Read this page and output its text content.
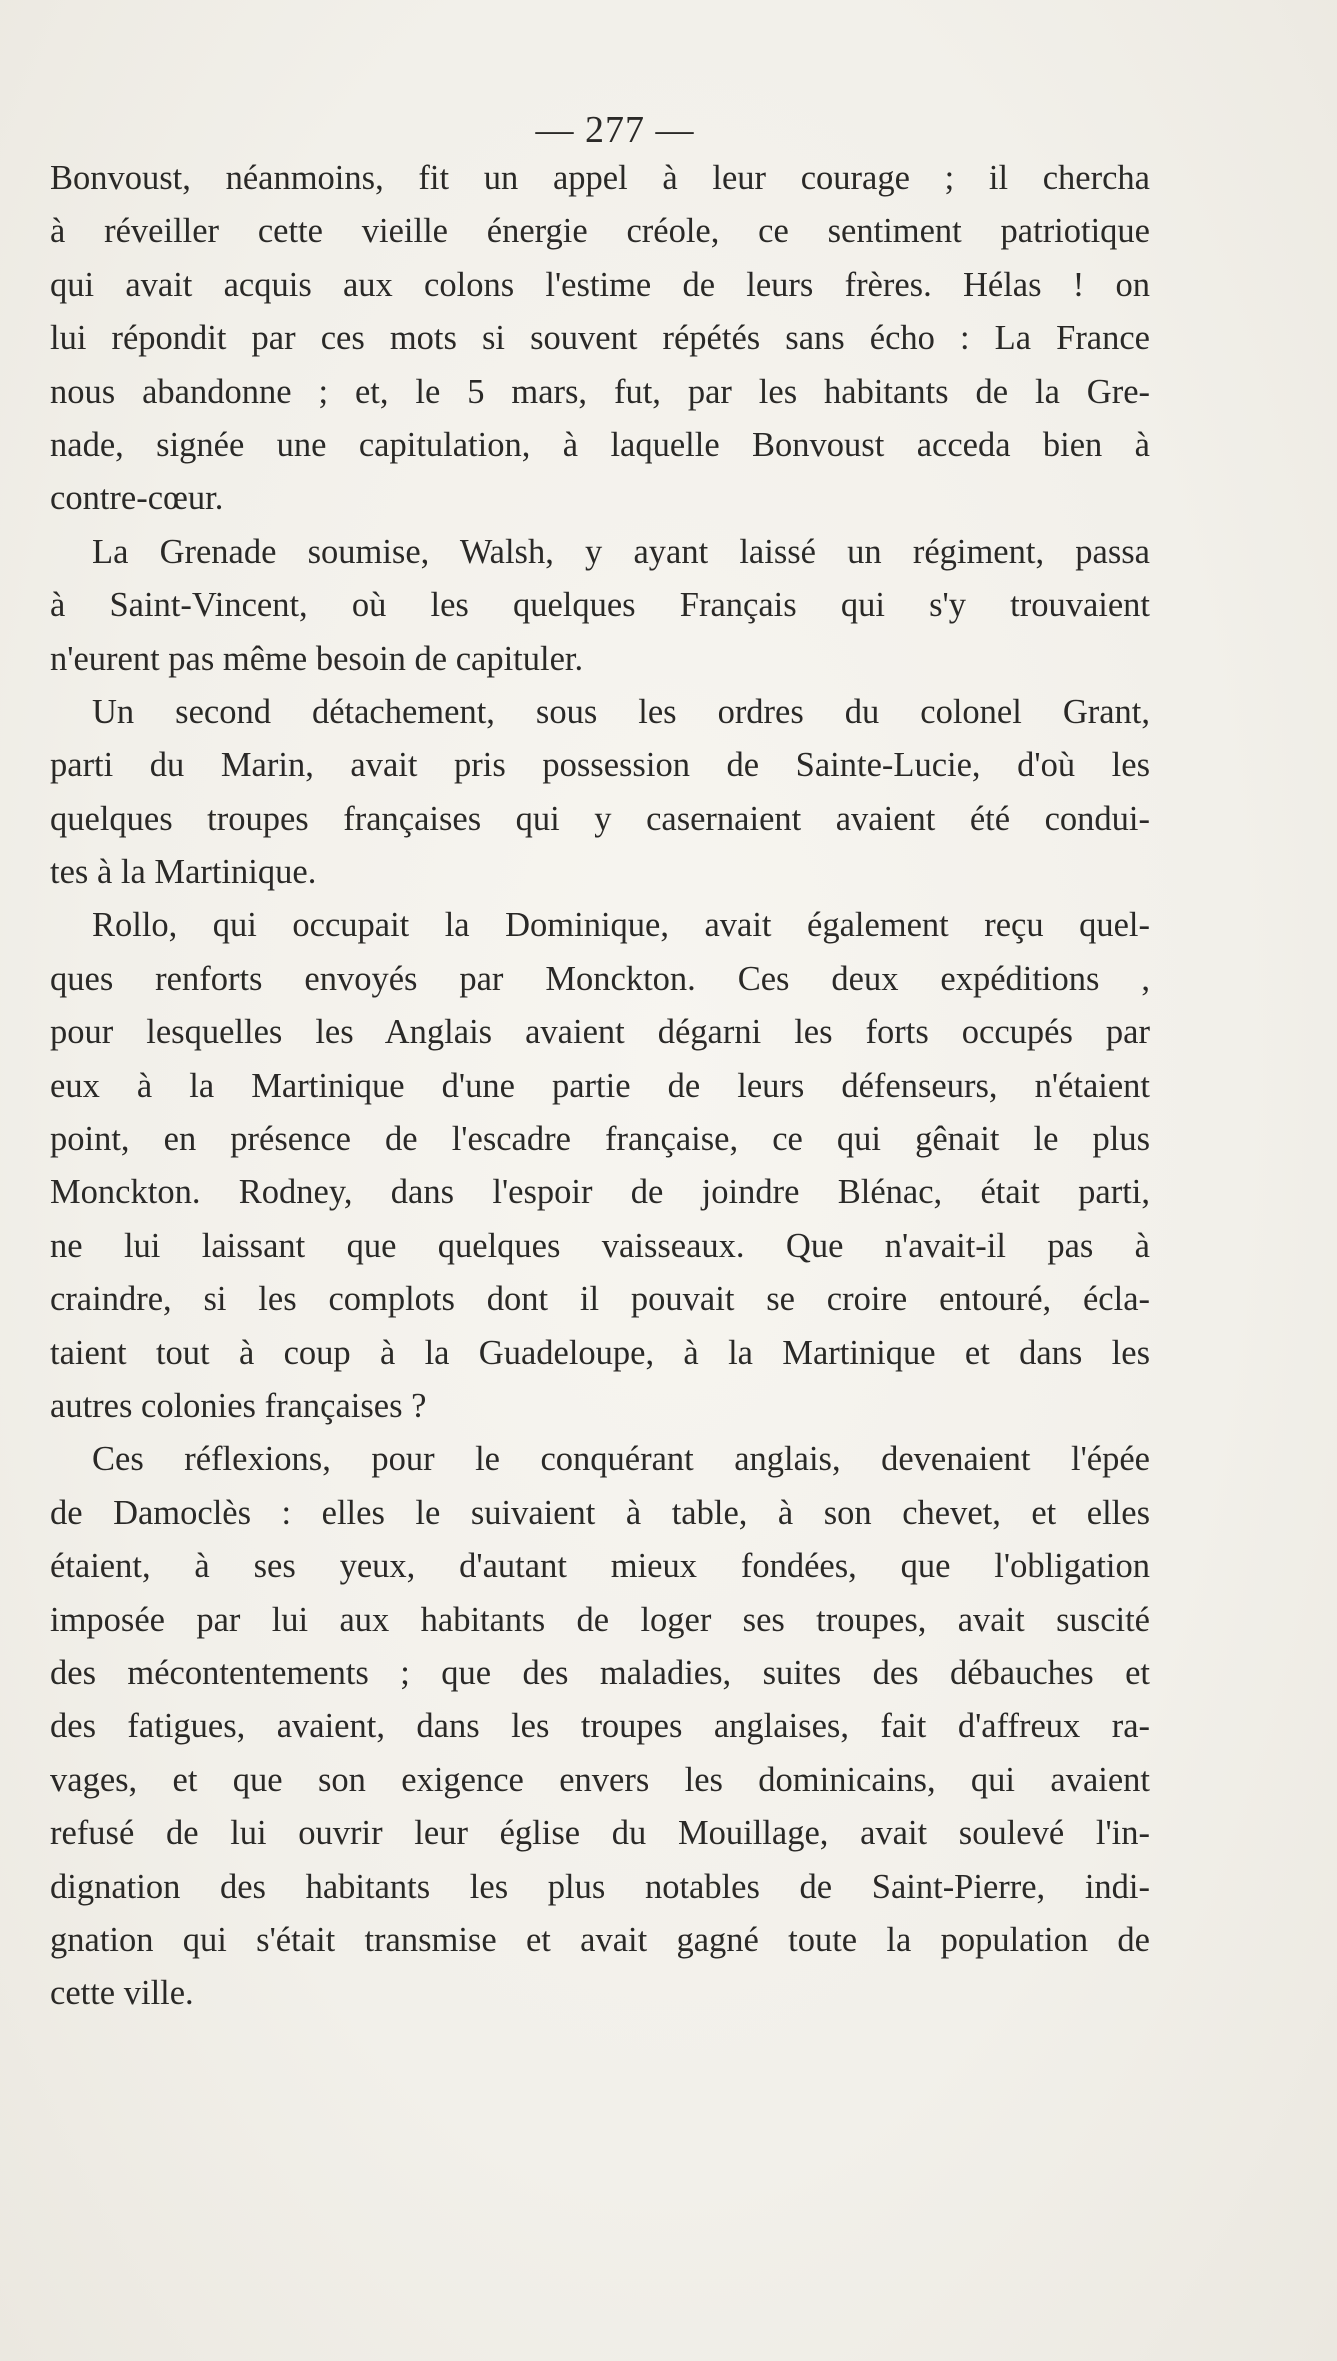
— 277 —
Bonvoust, néanmoins, fit un appel à leur courage ; il chercha
à réveiller cette vieille énergie créole, ce sentiment patriotique
qui avait acquis aux colons l'estime de leurs frères. Hélas ! on
lui répondit par ces mots si souvent répétés sans écho : La France
nous abandonne ; et, le 5 mars, fut, par les habitants de la Gre-
nade, signée une capitulation, à laquelle Bonvoust acceda bien à
contre-cœur.
La Grenade soumise, Walsh, y ayant laissé un régiment, passa
à Saint-Vincent, où les quelques Français qui s'y trouvaient
n'eurent pas même besoin de capituler.
Un second détachement, sous les ordres du colonel Grant,
parti du Marin, avait pris possession de Sainte-Lucie, d'où les
quelques troupes françaises qui y casernaient avaient été condui-
tes à la Martinique.
Rollo, qui occupait la Dominique, avait également reçu quel-
ques renforts envoyés par Monckton. Ces deux expéditions ,
pour lesquelles les Anglais avaient dégarni les forts occupés par
eux à la Martinique d'une partie de leurs défenseurs, n'étaient
point, en présence de l'escadre française, ce qui gênait le plus
Monckton. Rodney, dans l'espoir de joindre Blénac, était parti,
ne lui laissant que quelques vaisseaux. Que n'avait-il pas à
craindre, si les complots dont il pouvait se croire entouré, écla-
taient tout à coup à la Guadeloupe, à la Martinique et dans les
autres colonies françaises ?
Ces réflexions, pour le conquérant anglais, devenaient l'épée
de Damoclès : elles le suivaient à table, à son chevet, et elles
étaient, à ses yeux, d'autant mieux fondées, que l'obligation
imposée par lui aux habitants de loger ses troupes, avait suscité
des mécontentements ; que des maladies, suites des débauches et
des fatigues, avaient, dans les troupes anglaises, fait d'affreux ra-
vages, et que son exigence envers les dominicains, qui avaient
refusé de lui ouvrir leur église du Mouillage, avait soulevé l'in-
dignation des habitants les plus notables de Saint-Pierre, indi-
gnation qui s'était transmise et avait gagné toute la population de
cette ville.
